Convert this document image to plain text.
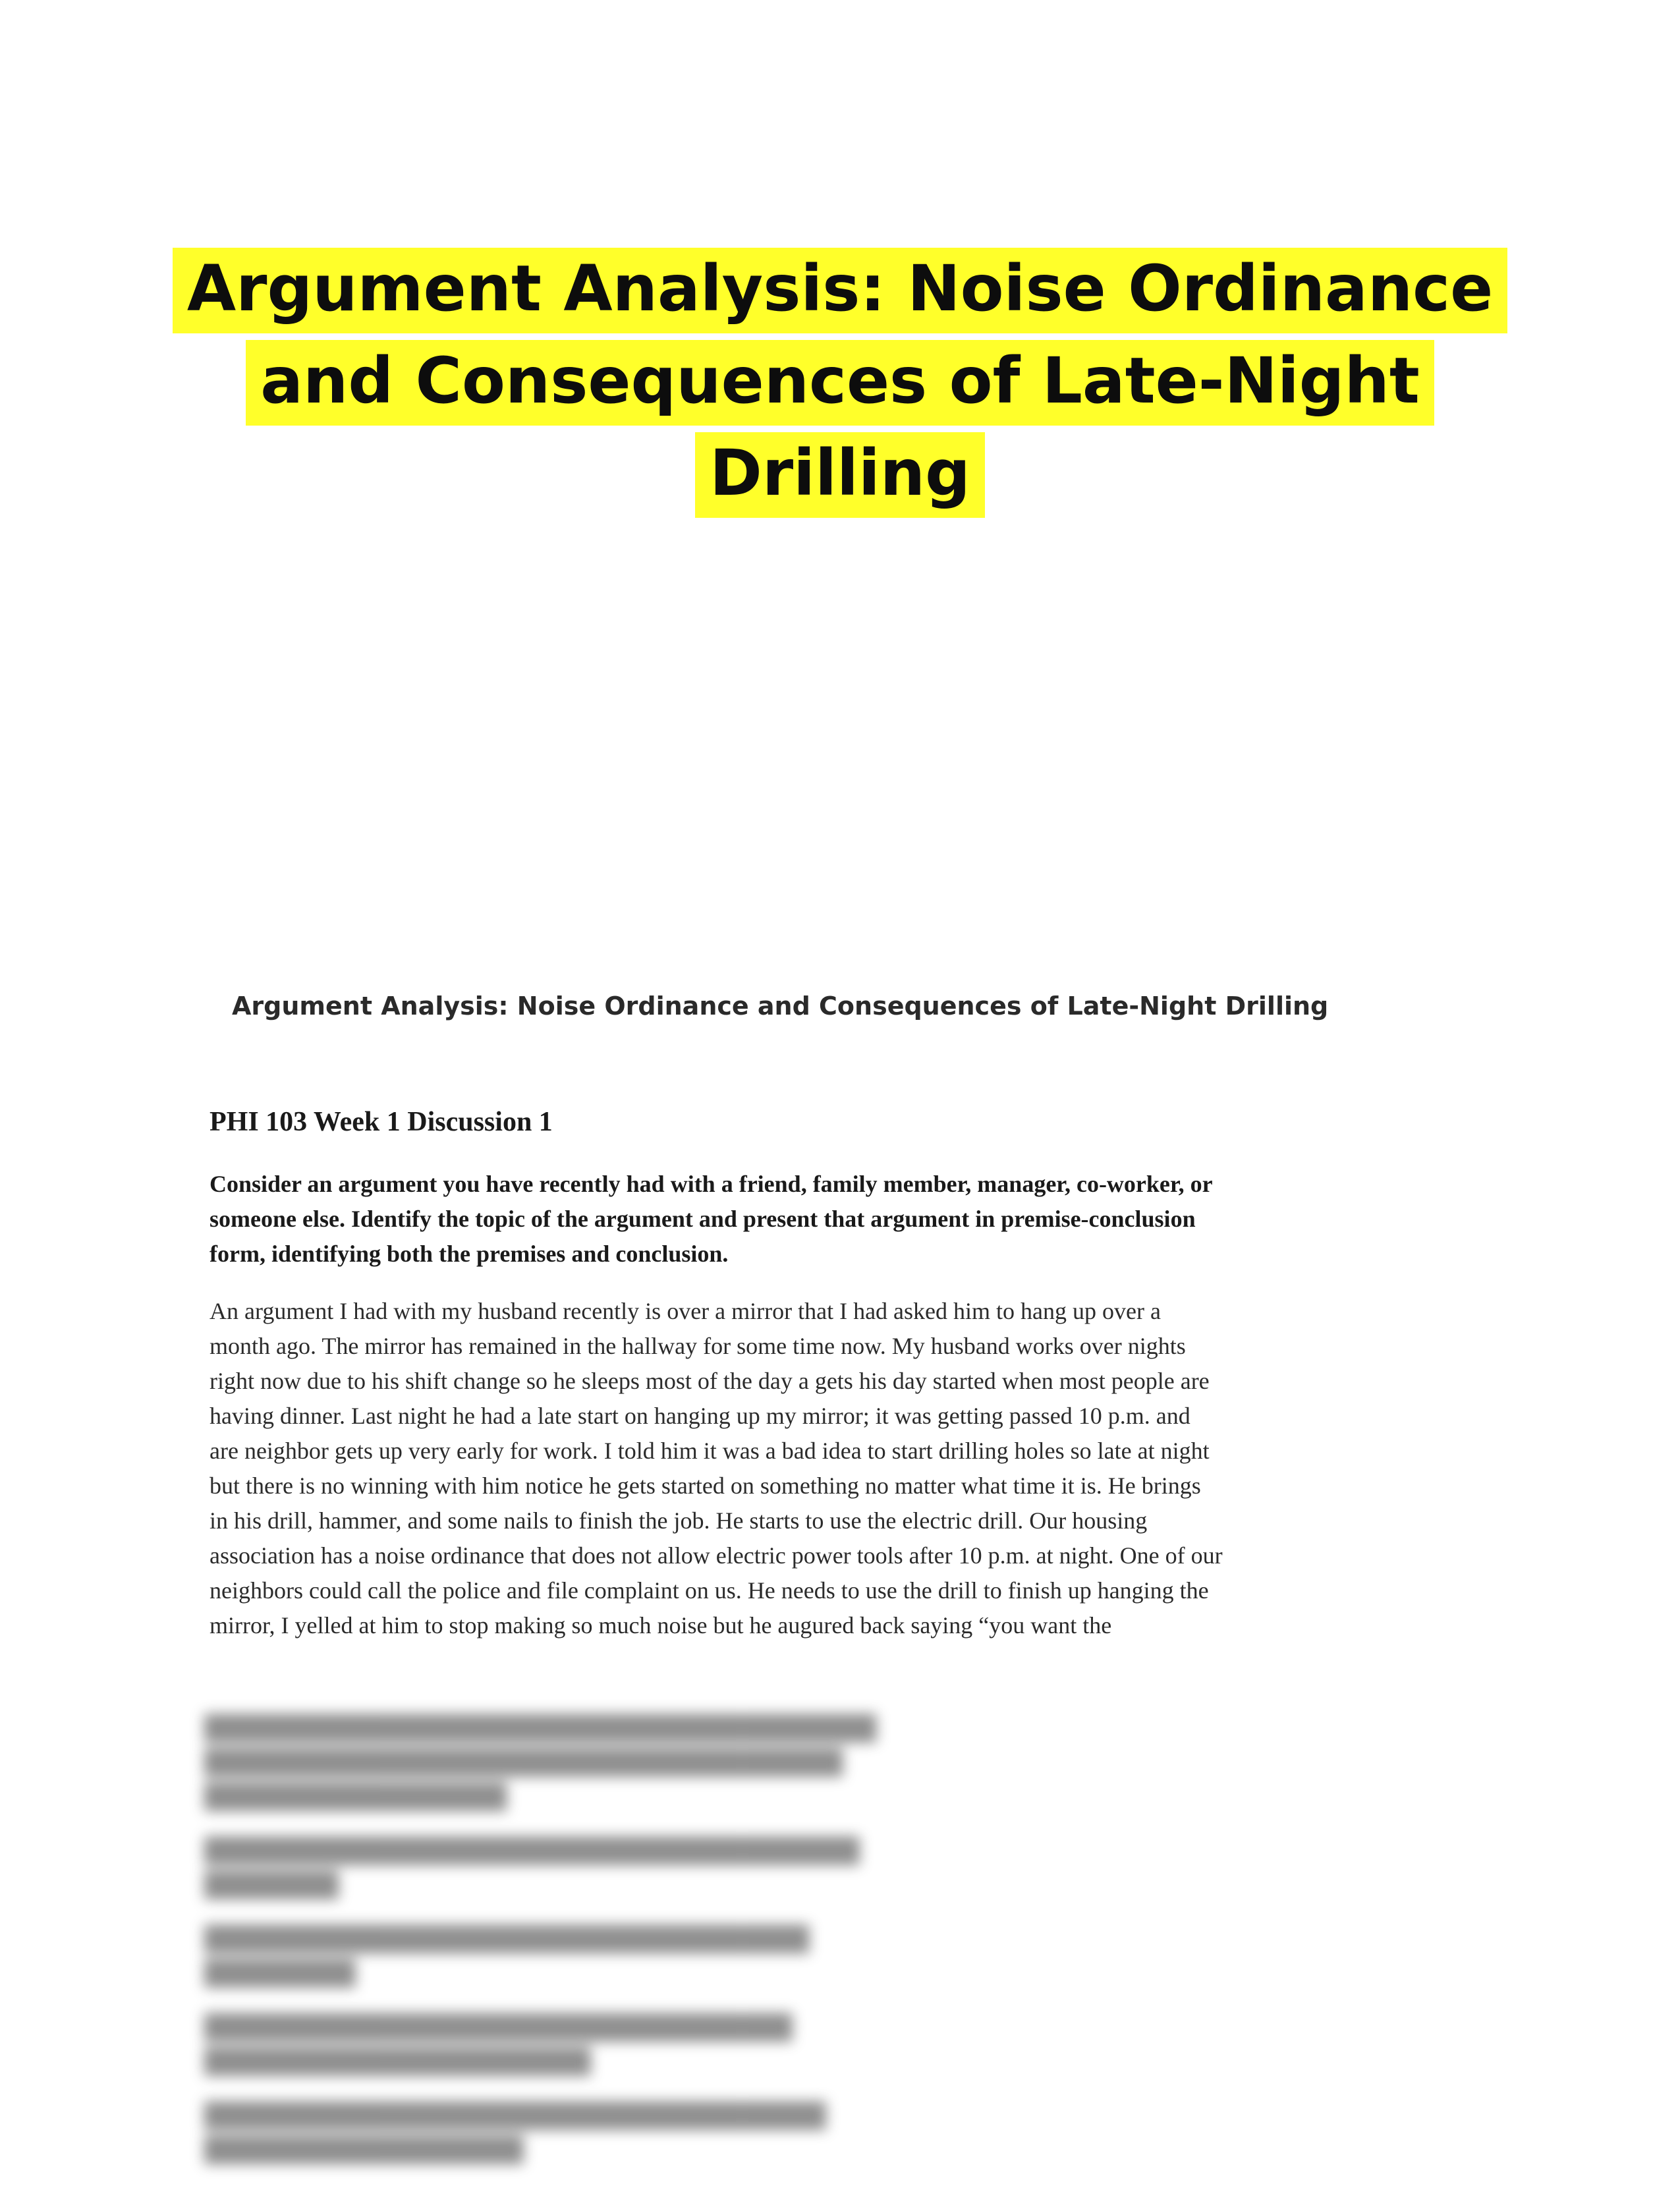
Argument Analysis: Noise Ordinance
and Consequences of Late-Night
Drilling
Argument Analysis: Noise Ordinance and Consequences of Late-Night Drilling
PHI 103 Week 1 Discussion 1
Consider an argument you have recently had with a friend, family member, manager, co-worker, or someone else. Identify the topic of the argument and present that argument in premise-conclusion form, identifying both the premises and conclusion.
An argument I had with my husband recently is over a mirror that I had asked him to hang up over a month ago. The mirror has remained in the hallway for some time now. My husband works over nights right now due to his shift change so he sleeps most of the day a gets his day started when most people are having dinner. Last night he had a late start on hanging up my mirror; it was getting passed 10 p.m. and are neighbor gets up very early for work. I told him it was a bad idea to start drilling holes so late at night but there is no winning with him notice he gets started on something no matter what time it is. He brings in his drill, hammer, and some nails to finish the job. He starts to use the electric drill. Our housing association has a noise ordinance that does not allow electric power tools after 10 p.m. at night. One of our neighbors could call the police and file complaint on us. He needs to use the drill to finish up hanging the mirror, I yelled at him to stop making so much noise but he augured back saying “you want the

████████████████████████████████████████
██████████████████████████████████████
██████████████████

███████████████████████████████████████
████████

████████████████████████████████████
█████████

███████████████████████████████████
███████████████████████

█████████████████████████████████████
███████████████████
